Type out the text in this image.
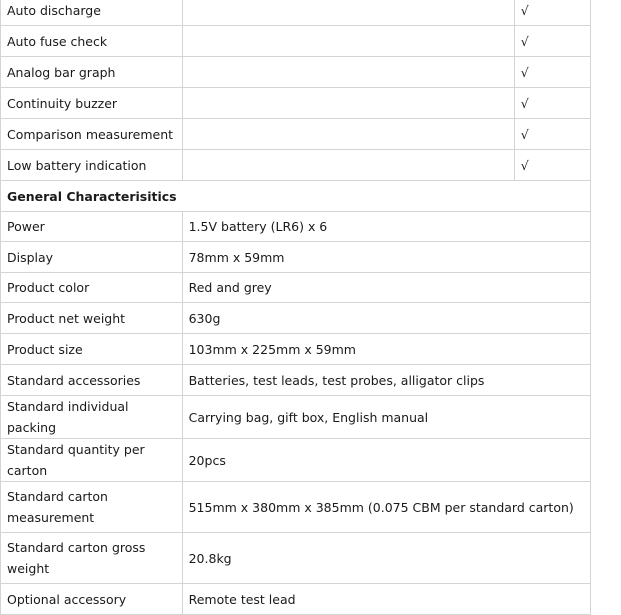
Auto discharge		√
Auto fuse check		√
Analog bar graph		√
Continuity buzzer		√
Comparison measurement		√
Low battery indication		√
General Characterisitics		
Power	1.5V battery (LR6) x 6	
Display	78mm x 59mm	
Product color	Red and grey	
Product net weight	630g	
Product size	103mm x 225mm x 59mm	
Standard accessories	Batteries, test leads, test probes, alligator clips	
Standard individual packing	Carrying bag, gift box, English manual	
Standard quantity per carton	20pcs	
Standard carton measurement	515mm x 380mm x 385mm (0.075 CBM per standard carton)	
Standard carton gross weight	20.8kg	
Optional accessory	Remote test lead	
